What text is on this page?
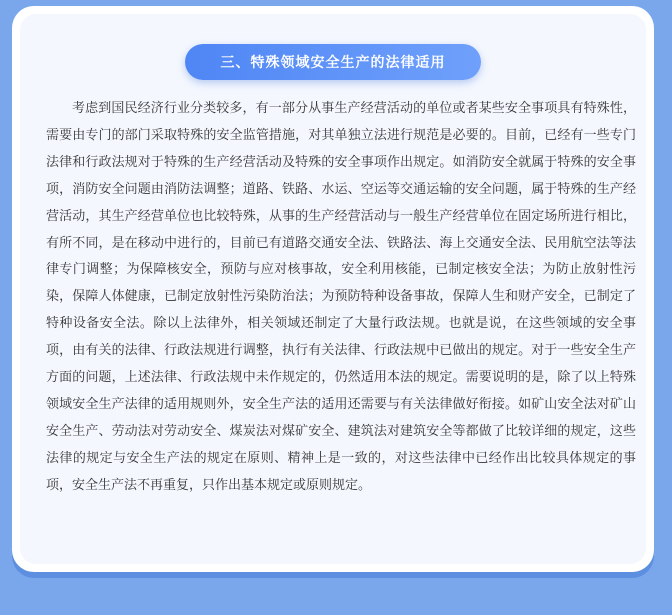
三、特殊领域安全生产的法律适用

考虑到国民经济行业分类较多，有一部分从事生产经营活动的单位或者某些安全事项具有特殊性，需要由专门的部门采取特殊的安全监管措施，对其单独立法进行规范是必要的。目前，已经有一些专门法律和行政法规对于特殊的生产经营活动及特殊的安全事项作出规定。如消防安全就属于特殊的安全事项，消防安全问题由消防法调整；道路、铁路、水运、空运等交通运输的安全问题，属于特殊的生产经营活动，其生产经营单位也比较特殊，从事的生产经营活动与一般生产经营单位在固定场所进行相比，有所不同，是在移动中进行的，目前已有道路交通安全法、铁路法、海上交通安全法、民用航空法等法律专门调整；为保障核安全，预防与应对核事故，安全利用核能，已制定核安全法；为防止放射性污染，保障人体健康，已制定放射性污染防治法；为预防特种设备事故，保障人生和财产安全，已制定了特种设备安全法。除以上法律外，相关领域还制定了大量行政法规。也就是说，在这些领域的安全事项，由有关的法律、行政法规进行调整，执行有关法律、行政法规中已做出的规定。对于一些安全生产方面的问题，上述法律、行政法规中未作规定的，仍然适用本法的规定。需要说明的是，除了以上特殊领域安全生产法律的适用规则外，安全生产法的适用还需要与有关法律做好衔接。如矿山安全法对矿山安全生产、劳动法对劳动安全、煤炭法对煤矿安全、建筑法对建筑安全等都做了比较详细的规定，这些法律的规定与安全生产法的规定在原则、精神上是一致的，对这些法律中已经作出比较具体规定的事项，安全生产法不再重复，只作出基本规定或原则规定。
